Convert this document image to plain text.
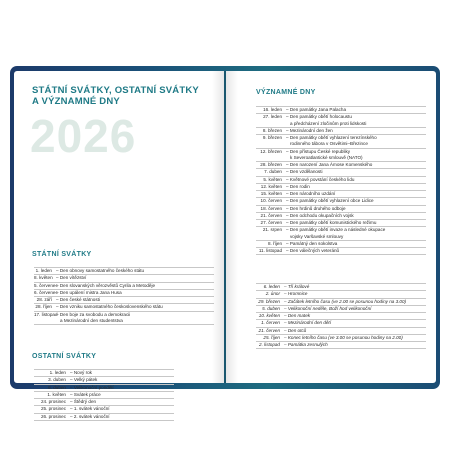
STÁTNÍ SVÁTKY, OSTATNÍ SVÁTKY
A VÝZNAMNÉ DNY
2026
STÁTNÍ SVÁTKY
1. leden – Den obnovy samostatného českého státu
8. květen – Den vítězství
5. červenec
– Den slovanských věrozvěstů Cyrila a Metoděje
6. červenec
– Den upálení mistra Jana Husa
28. září – Den české státnosti
28. říjen – Den vzniku samostatného československého státu
17. listopad
– Den boje za svobodu a demokracii
a Mezinárodní den studentstva
OSTATNÍ SVÁTKY
1. leden – Nový rok
3. duben – Velký pátek
6. duben – Velikonoční pondělí
1. květen – Svátek práce
24. prosinec – Štědrý den
25. prosinec – 1. svátek vánoční
26. prosinec – 2. svátek vánoční
VÝZNAMNÉ DNY
16. leden – Den památky Jana Palacha
27. leden – Den památky obětí holocaustu
a předcházení zločinům proti lidskosti
8. březen – Mezinárodní den žen
9. březen – Den památky obětí vyhlazení terezínského
rodinného tábora v Osvětimi–Březince
12. březen – Den přístupu České republiky
k Severoatlantické smlouvě (NATO)
28. březen – Den narození Jana Ámose Komenského
7. duben – Den vzdělanosti
5. květen – Květnové povstání českého lidu
12. květen – Den rodin
15. květen – Den národního uzdání
10. červen – Den památky obětí vyhlazení obce Lidice
18. červen – Den hrdinů druhého odboje
21. červen – Den odchodu okupačních vojsk
27. červen – Den památky obětí komunistického režimu
21. srpen – Den památky obětí invaze a následné okupace
vojsky Varšavské smlouvy
8. říjen – Památný den sokolstva
11. listopad – Den válečných veteránů
6. leden – Tři králové
2. únor – Hromnice
29. březen – Začátek letního času (ve 2.00 se posunou hodiny na 3.00)
5. duben – Velikonoční neděle, Boží hod velikonoční
10. květen – Den matek
1. červen – Mezinárodní den dětí
21. červen – Den otců
25. říjen – Konec letního času (ve 3.00 se posunou hodiny na 2.00)
2. listopad – Památka zesnulých
